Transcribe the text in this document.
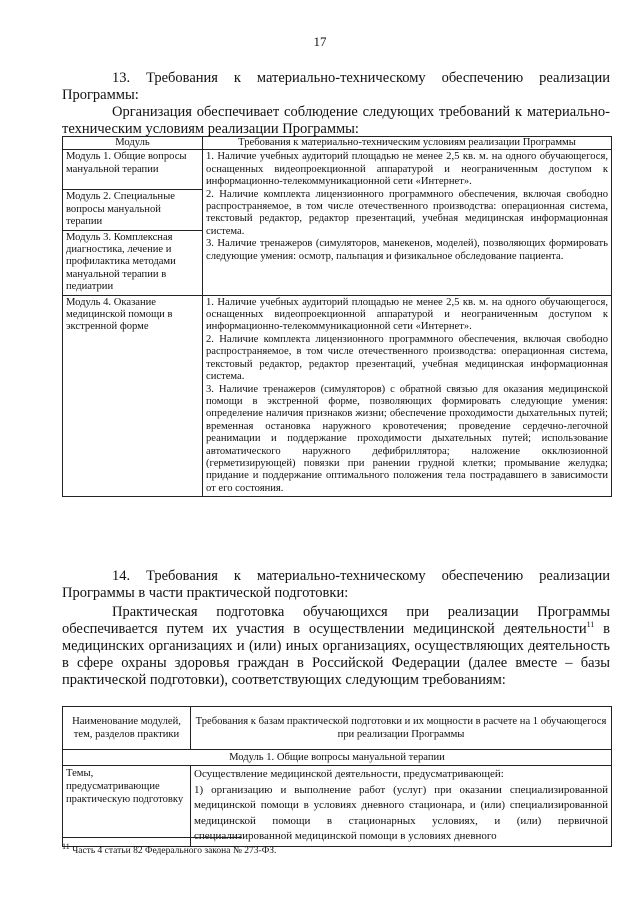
17
13. Требования к материально-техническому обеспечению реализации Программы:
Организация обеспечивает соблюдение следующих требований к материально-техническим условиям реализации Программы:
Модуль	Требования к материально-техническим условиям реализации Программы
Модуль 1. Общие вопросы мануальной терапии	1. Наличие учебных аудиторий площадью не менее 2,5 кв. м. на одного обучающегося, оснащенных видеопроекционной аппаратурой и неограниченным доступом к информационно-телекоммуникационной сети «Интернет».
2. Наличие комплекта лицензионного программного обеспечения, включая свободно распространяемое, в том числе отечественного производства: операционная система, текстовый редактор, редактор презентаций, учебная медицинская информационная система.
3. Наличие тренажеров (симуляторов, манекенов, моделей), позволяющих формировать следующие умения: осмотр, пальпация и физикальное обследование пациента.

Модуль 2. Специальные вопросы мануальной терапии	
Модуль 3. Комплексная диагностика, лечение и профилактика методами мануальной терапии в педиатрии	
Модуль 4. Оказание медицинской помощи в экстренной форме	1. Наличие учебных аудиторий площадью не менее 2,5 кв. м. на одного обучающегося, оснащенных видеопроекционной аппаратурой и неограниченным доступом к информационно-телекоммуникационной сети «Интернет».
2. Наличие комплекта лицензионного программного обеспечения, включая свободно распространяемое, в том числе отечественного производства: операционная система, текстовый редактор, редактор презентаций, учебная медицинская информационная система.
3. Наличие тренажеров (симуляторов) с обратной связью для оказания медицинской помощи в экстренной форме, позволяющих формировать следующие умения: определение наличия признаков жизни; обеспечение проходимости дыхательных путей; временная остановка наружного кровотечения; проведение сердечно-легочной реанимации и поддержание проходимости дыхательных путей; использование автоматического наружного дефибриллятора; наложение окклюзионной (герметизирующей) повязки при ранении грудной клетки; промывание желудка; придание и поддержание оптимального положения тела пострадавшего в зависимости от его состояния.
14. Требования к материально-техническому обеспечению реализации Программы в части практической подготовки:
Практическая подготовка обучающихся при реализации Программы обеспечивается путем их участия в осуществлении медицинской деятельности$^{11}$ в медицинских организациях и (или) иных организациях, осуществляющих деятельность в сфере охраны здоровья граждан в Российской Федерации (далее вместе – базы практической подготовки), соответствующих следующим требованиям:
Наименование модулей, тем, разделов практики	Требования к базам практической подготовки и их мощности в расчете на 1 обучающегося при реализации Программы
Модуль 1. Общие вопросы мануальной терапии	
Темы, предусматривающие практическую подготовку	Осуществление медицинской деятельности, предусматривающей:
1) организацию и выполнение работ (услуг) при оказании специализированной медицинской помощи в условиях дневного стационара, и (или) специализированной медицинской помощи в стационарных условиях, и (или) первичной специализированной медицинской помощи в условиях дневного
$^{11}$ Часть 4 статьи 82 Федерального закона № 273-ФЗ.
